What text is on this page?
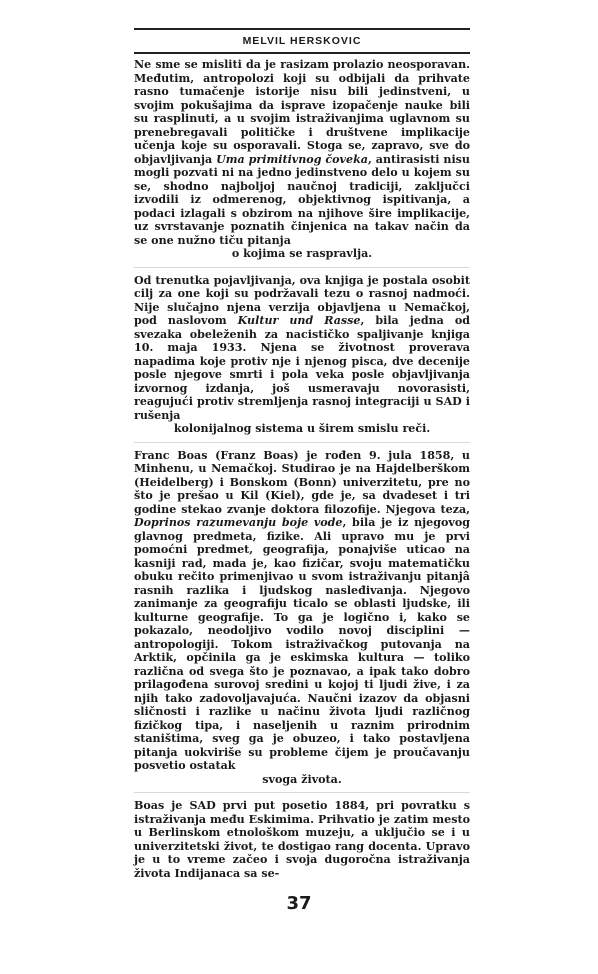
MELVIL HERSKOVIC

Ne sme se misliti da je rasizam prolazio neosporavan. Međutim, antropolozi koji su odbijali da prihvate rasno tumačenje istorije nisu bili jedinstveni, u svojim pokušajima da isprave izopačenje nauke bili su rasplinuti, a u svojim istraživanjima uglavnom su prenebregavali političke i društvene implikacije učenja koje su osporavali. Stoga se, zapravo, sve do objavljivanja Uma primitivnog čoveka, antirasisti nisu mogli pozvati ni na jedno jedinstveno delo u kojem su se, shodno najboljoj naučnoj tradiciji, zaključci izvodili iz odmerenog, objektivnog ispitivanja, a podaci izlagali s obzirom na njihove šire implikacije, uz svrstavanje poznatih činjenica na takav način da se one nužno tiču pitanja
o kojima se raspravlja.

Od trenutka pojavljivanja, ova knjiga je postala osobit cilj za one koji su podržavali tezu o rasnoj nadmoći. Nije slučajno njena verzija objavljena u Nemačkoj, pod naslovom Kultur und Rasse, bila jedna od svezaka obeleženih za nacističko spaljivanje knjiga 10. maja 1933. Njena se životnost proverava napadima koje protiv nje i njenog pisca, dve decenije posle njegove smrti i pola veka posle objavljivanja izvornog izdanja, još usmeravaju novorasisti, reagujući protiv stremljenja rasnoj integraciji u SAD i rušenja
kolonijalnog sistema u širem smislu reči.

Franc Boas (Franz Boas) je rođen 9. jula 1858, u Minhenu, u Nemačkoj. Studirao je na Hajdelberškom (Heidelberg) i Bonskom (Bonn) univerzitetu, pre no što je prešao u Kil (Kiel), gde je, sa dvadeset i tri godine stekao zvanje doktora filozofije. Njegova teza, Doprinos razumevanju boje vode, bila je iz njegovog glavnog predmeta, fizike. Ali upravo mu je prvi pomoćni predmet, geografija, ponajviše uticao na kasniji rad, mada je, kao fizičar, svoju matematičku obuku rečito primenjivao u svom istraživanju pitanjâ rasnih razlika i ljudskog nasleđivanja. Njegovo zanimanje za geografiju ticalo se oblasti ljudske, ili kulturne geografije. To ga je logično i, kako se pokazalo, neodoljivo vodilo novoj disciplini — antropologiji. Tokom istraživačkog putovanja na Arktik, opčinila ga je eskimska kultura — toliko različna od svega što je poznavao, a ipak tako dobro prilagođena surovoj sredini u kojoj ti ljudi žive, i za njih tako zadovoljavajuća. Naučni izazov da objasni sličnosti i razlike u načinu života ljudi različnog fizičkog tipa, i naseljenih u raznim prirodnim staništima, sveg ga je obuzeo, i tako postavljena pitanja uokviriše su probleme čijem je proučavanju posvetio ostatak
svoga života.

Boas je SAD prvi put posetio 1884, pri povratku s istraživanja među Eskimima. Prihvatio je zatim mesto u Berlinskom etnološkom muzeju, a uključio se i u univerzitetski život, te dostigao rang docenta. Upravo je u to vreme začeo i svoja dugoročna istraživanja života Indijanaca sa se-

37
